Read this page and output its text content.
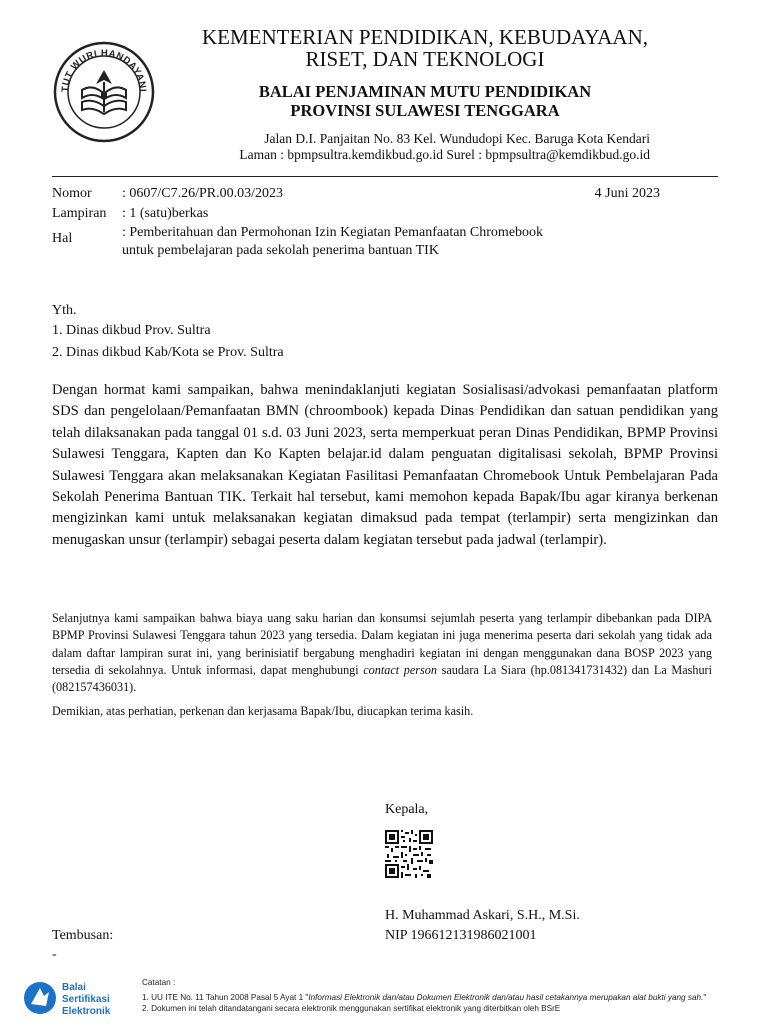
TUT WURI HANDAYANI
KEMENTERIAN PENDIDIKAN, KEBUDAYAAN,
RISET, DAN TEKNOLOGI
BALAI PENJAMINAN MUTU PENDIDIKAN
PROVINSI SULAWESI TENGGARA
Jalan D.I. Panjaitan No. 83 Kel. Wundudopi Kec. Baruga Kota Kendari
Laman : bpmpsultra.kemdikbud.go.id Surel : bpmpsultra@kemdikbud.go.id
Nomor	: 0607/C7.26/PR.00.03/2023	4 Juni 2023
Lampiran	: 1 (satu)berkas
Hal	: Pemberitahuan dan Permohonan Izin Kegiatan Pemanfaatan Chromebook
untuk pembelajaran pada sekolah penerima bantuan TIK
Yth.
1. Dinas dikbud Prov. Sultra
2. Dinas dikbud Kab/Kota se Prov. Sultra
Dengan hormat kami sampaikan, bahwa menindaklanjuti kegiatan Sosialisasi/advokasi pemanfaatan platform SDS dan pengelolaan/Pemanfaatan BMN (chroombook) kepada Dinas Pendidikan dan satuan pendidikan yang telah dilaksanakan pada tanggal 01 s.d. 03 Juni 2023, serta memperkuat peran Dinas Pendidikan, BPMP Provinsi Sulawesi Tenggara, Kapten dan Ko Kapten belajar.id dalam penguatan digitalisasi sekolah, BPMP Provinsi Sulawesi Tenggara akan melaksanakan Kegiatan Fasilitasi Pemanfaatan Chromebook Untuk Pembelajaran Pada Sekolah Penerima Bantuan TIK. Terkait hal tersebut, kami memohon kepada Bapak/Ibu agar kiranya berkenan mengizinkan kami untuk melaksanakan kegiatan dimaksud pada tempat (terlampir) serta mengizinkan dan menugaskan unsur (terlampir) sebagai peserta dalam kegiatan tersebut pada jadwal (terlampir).
Selanjutnya kami sampaikan bahwa biaya uang saku harian dan konsumsi sejumlah peserta yang terlampir dibebankan pada DIPA BPMP Provinsi Sulawesi Tenggara tahun 2023 yang tersedia. Dalam kegiatan ini juga menerima peserta dari sekolah yang tidak ada dalam daftar lampiran surat ini, yang berinisiatif bergabung menghadiri kegiatan ini dengan menggunakan dana BOSP 2023 yang tersedia di sekolahnya. Untuk informasi, dapat menghubungi contact person saudara La Siara (hp.081341731432) dan La Mashuri (082157436031).
Demikian, atas perhatian, perkenan dan kerjasama Bapak/Ibu, diucapkan terima kasih.
Kepala,
H. Muhammad Askari, S.H., M.Si.
NIP 196612131986021001
Tembusan:
-
Balai
Sertifikasi
Elektronik
Catatan :
1. UU ITE No. 11 Tahun 2008 Pasal 5 Ayat 1 "Informasi Elektronik dan/atau Dokumen Elektronik dan/atau hasil cetakannya merupakan alat bukti yang sah."
2. Dokumen ini telah ditandatangani secara elektronik menggunakan sertifikat elektronik yang diterbitkan oleh BSrE
